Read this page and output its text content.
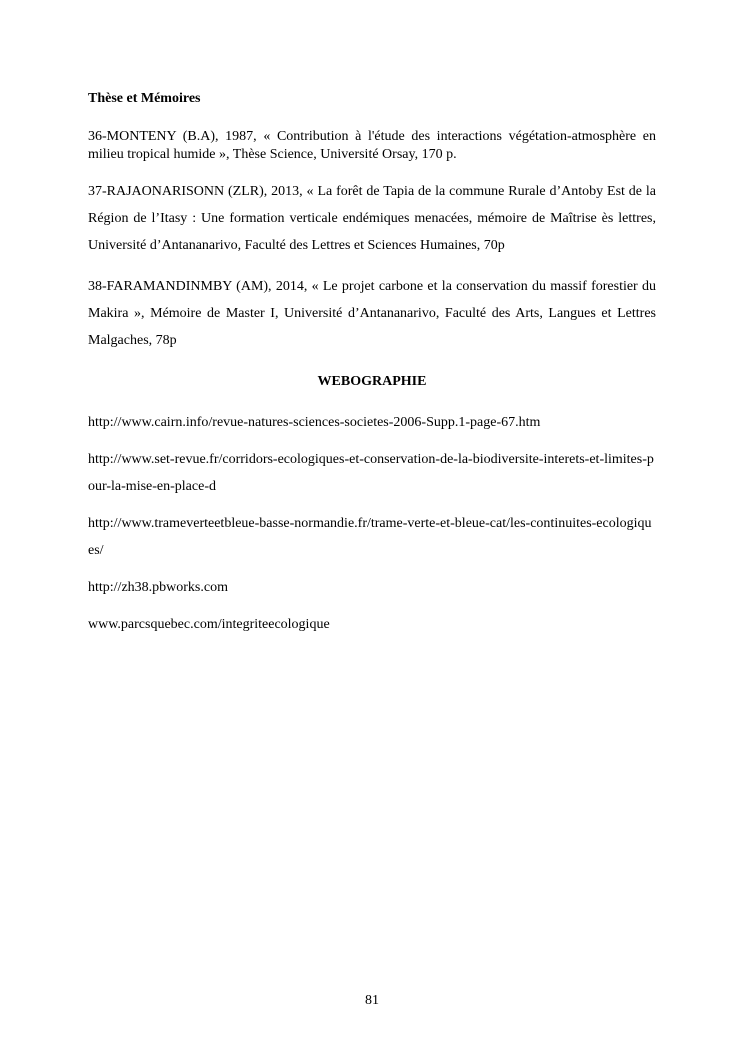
Thèse et Mémoires

36-MONTENY (B.A), 1987, « Contribution à l'étude des interactions végétation-atmosphère en milieu tropical humide », Thèse Science, Université Orsay, 170 p.

37-RAJAONARISONN (ZLR), 2013, « La forêt de Tapia de la commune Rurale d’Antoby Est de la Région de l’Itasy : Une formation verticale endémiques menacées, mémoire de Maîtrise ès lettres, Université d’Antananarivo, Faculté des Lettres et Sciences Humaines, 70p

38-FARAMANDINMBY (AM), 2014, « Le projet carbone et la conservation du massif forestier du Makira », Mémoire de Master I, Université d’Antananarivo, Faculté des Arts, Langues et Lettres Malgaches, 78p

WEBOGRAPHIE

http://www.cairn.info/revue-natures-sciences-societes-2006-Supp.1-page-67.htm

http://www.set-revue.fr/corridors-ecologiques-et-conservation-de-la-biodiversite-interets-et-limites-pour-la-mise-en-place-d

http://www.trameverteetbleue-basse-normandie.fr/trame-verte-et-bleue-cat/les-continuites-ecologiques/

http://zh38.pbworks.com

www.parcsquebec.com/integriteecologique

81
